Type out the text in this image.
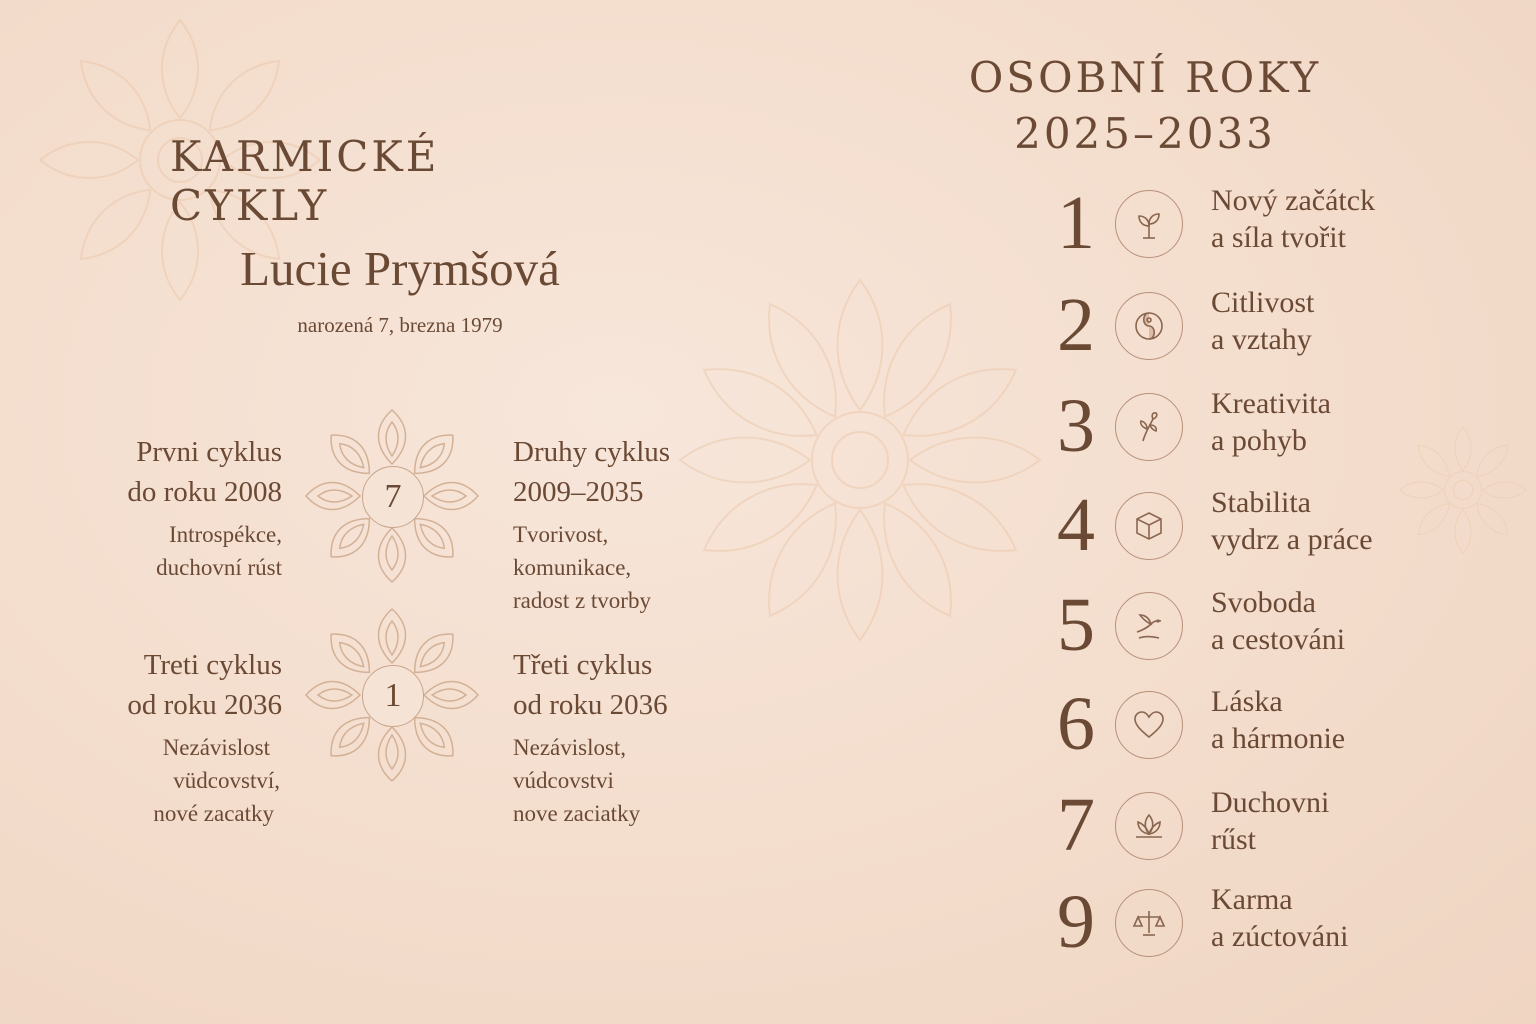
KARMICKÉ CYKLY
Lucie Prymšová
narozená 7, brezna 1979
Prvni cyklus
do roku 2008
Introspékce,
duchovní rúst
Druhy cyklus
2009–2035
Tvorivost,
komunikace,
radost z tvorby
Treti cyklus
od roku 2036
Nezávislost
vüdcovství,
nové zacatky
Třeti cyklus
od roku 2036
Nezávislost,
vúdcovstvi
nove zaciatky
7
1
OSOBNÍ ROKY
2025–2033
1	Nový začátck
a síla tvořit
2	Citlivost
a vztahy
3	Kreativita
a pohyb
4	Stabilita
vydrz a práce
5	Svoboda
a cestováni
6	Láska
a hármonie
7	Duchovni
rűst
9	Karma
a zúctováni
